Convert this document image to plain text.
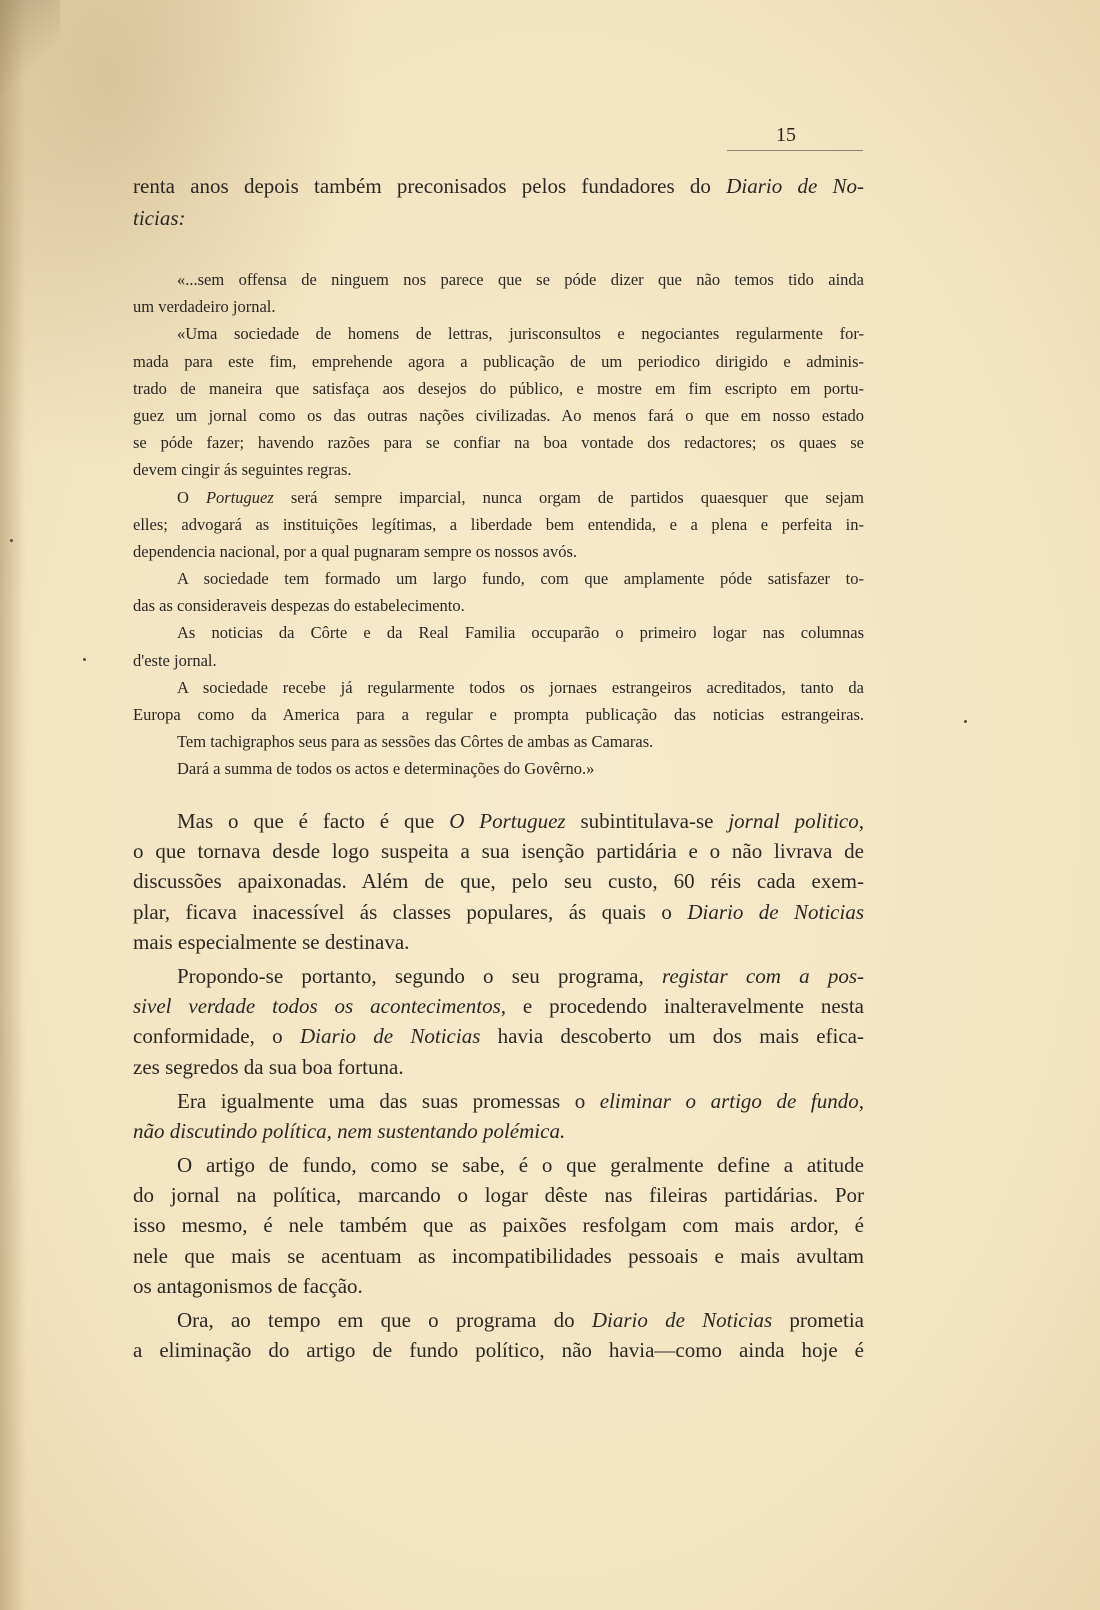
15
renta anos depois também preconisados pelos fundadores do Diario de No-
ticias:
«...sem offensa de ninguem nos parece que se póde dizer que não temos tido ainda
um verdadeiro jornal.
«Uma sociedade de homens de lettras, jurisconsultos e negociantes regularmente for-
mada para este fim, emprehende agora a publicação de um periodico dirigido e adminis-
trado de maneira que satisfaça aos desejos do público, e mostre em fim escripto em portu-
guez um jornal como os das outras nações civilizadas. Ao menos fará o que em nosso estado
se póde fazer; havendo razões para se confiar na boa vontade dos redactores; os quaes se
devem cingir ás seguintes regras.
O Portuguez será sempre imparcial, nunca orgam de partidos quaesquer que sejam
elles; advogará as instituições legítimas, a liberdade bem entendida, e a plena e perfeita in-
dependencia nacional, por a qual pugnaram sempre os nossos avós.
A sociedade tem formado um largo fundo, com que amplamente póde satisfazer to-
das as consideraveis despezas do estabelecimento.
As noticias da Côrte e da Real Familia occuparão o primeiro logar nas columnas
d'este jornal.
A sociedade recebe já regularmente todos os jornaes estrangeiros acreditados, tanto da
Europa como da America para a regular e prompta publicação das noticias estrangeiras.
Tem tachigraphos seus para as sessões das Côrtes de ambas as Camaras.
Dará a summa de todos os actos e determinações do Govêrno.»
Mas o que é facto é que O Portuguez subintitulava-se jornal politico,
o que tornava desde logo suspeita a sua isenção partidária e o não livrava de
discussões apaixonadas. Além de que, pelo seu custo, 60 réis cada exem-
plar, ficava inacessível ás classes populares, ás quais o Diario de Noticias
mais especialmente se destinava.
Propondo-se portanto, segundo o seu programa, registar com a pos-
sivel verdade todos os acontecimentos, e procedendo inalteravelmente nesta
conformidade, o Diario de Noticias havia descoberto um dos mais efica-
zes segredos da sua boa fortuna.
Era igualmente uma das suas promessas o eliminar o artigo de fundo,
não discutindo política, nem sustentando polémica.
O artigo de fundo, como se sabe, é o que geralmente define a atitude
do jornal na política, marcando o logar dêste nas fileiras partidárias. Por
isso mesmo, é nele também que as paixões resfolgam com mais ardor, é
nele que mais se acentuam as incompatibilidades pessoais e mais avultam
os antagonismos de facção.
Ora, ao tempo em que o programa do Diario de Noticias prometia
a eliminação do artigo de fundo político, não havia—como ainda hoje é
